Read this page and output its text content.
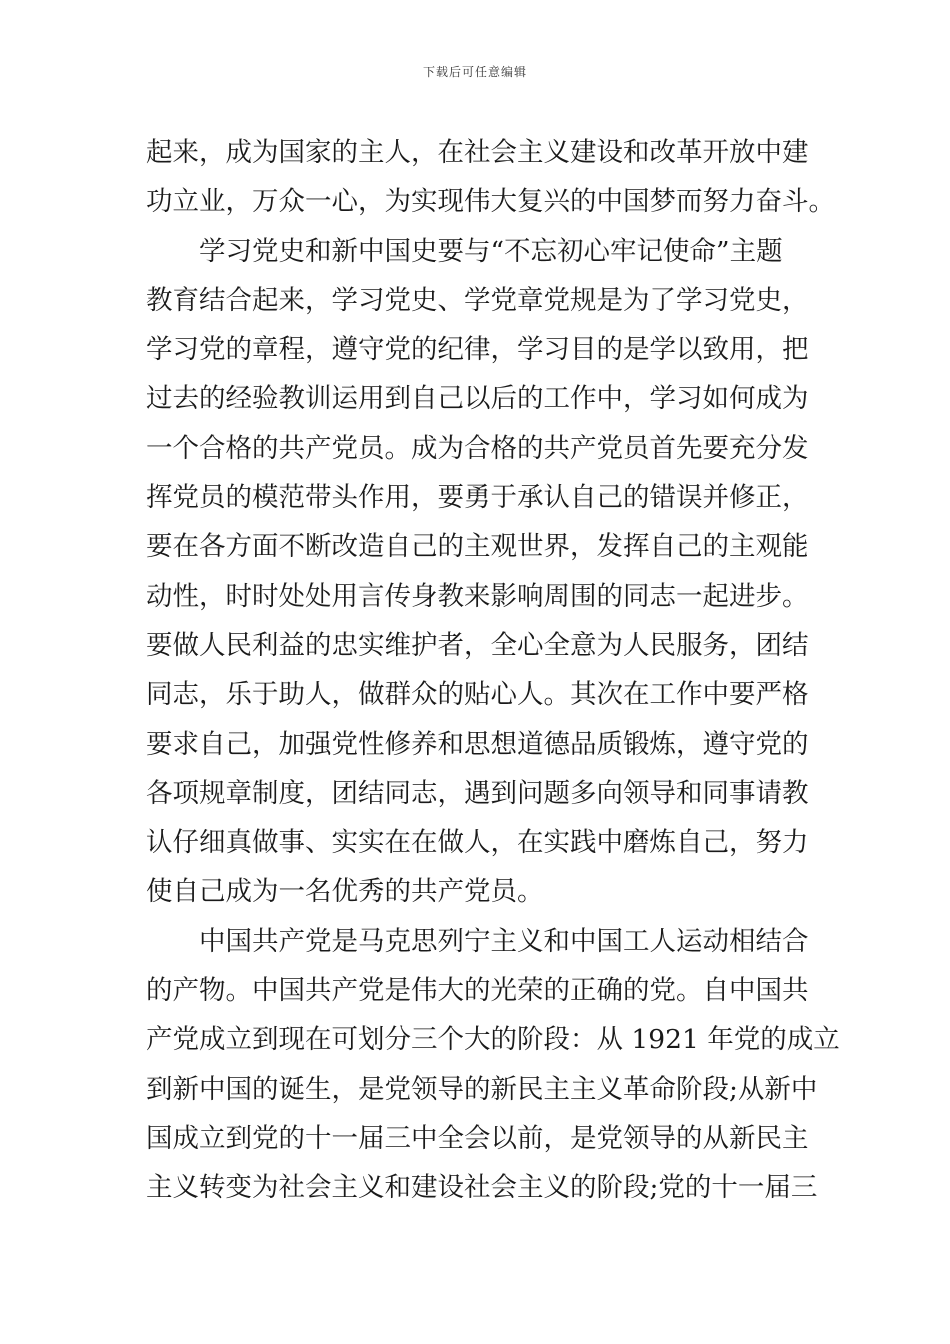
下载后可任意编辑
起来，成为国家的主人，在社会主义建设和改革开放中建
功立业，万众一心，为实现伟大复兴的中国梦而努力奋斗。
学习党史和新中国史要与“不忘初心牢记使命”主题
教育结合起来，学习党史、学党章党规是为了学习党史，
学习党的章程，遵守党的纪律，学习目的是学以致用，把
过去的经验教训运用到自己以后的工作中，学习如何成为
一个合格的共产党员。成为合格的共产党员首先要充分发
挥党员的模范带头作用，要勇于承认自己的错误并修正，
要在各方面不断改造自己的主观世界，发挥自己的主观能
动性，时时处处用言传身教来影响周围的同志一起进步。
要做人民利益的忠实维护者，全心全意为人民服务，团结
同志，乐于助人，做群众的贴心人。其次在工作中要严格
要求自己，加强党性修养和思想道德品质锻炼，遵守党的
各项规章制度，团结同志，遇到问题多向领导和同事请教
认仔细真做事、实实在在做人，在实践中磨炼自己，努力
使自己成为一名优秀的共产党员。
中国共产党是马克思列宁主义和中国工人运动相结合
的产物。中国共产党是伟大的光荣的正确的党。自中国共
产党成立到现在可划分三个大的阶段：从 1921 年党的成立
到新中国的诞生，是党领导的新民主主义革命阶段;从新中
国成立到党的十一届三中全会以前，是党领导的从新民主
主义转变为社会主义和建设社会主义的阶段;党的十一届三
